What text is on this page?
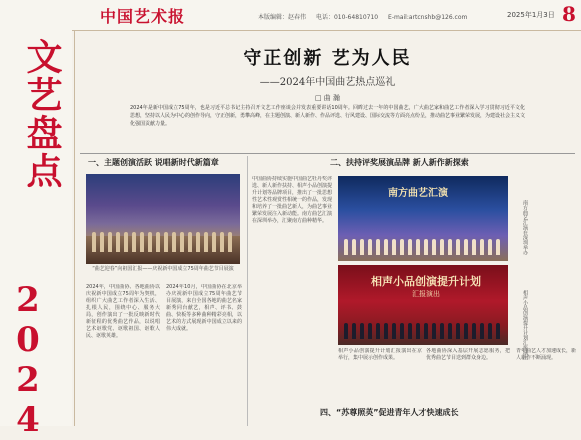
中国艺术报	本版编辑：赵春伟 电话：010-64810710 E-mail:artcnshb@126.com	2025年1月3日 8
文艺盘点
2024
守正创新 艺为人民
——2024年中国曲艺热点巡礼
□ 曲 瀚
2024年是新中国成立75周年，也是习近平总书记主持召开文艺工作座谈会并发表重要讲话10周年。回眸过去一年的中国曲艺，广大曲艺家和曲艺工作者深入学习贯彻习近平文化思想，坚持以人民为中心的创作导向，守正创新，勇攀高峰，在主题创演、新人新作、作品评选、行风建设、国际交流等方面亮点纷呈，推动曲艺事业繁荣发展，为建设社会主义文化强国贡献力量。
一、主题创演活跃 说唱新时代新篇章	二、扶持评奖展演品牌 新人新作新探索
四、“苏尊照英”促进青年人才快速成长
“曲艺迎春”向祖国汇报——庆祝新中国成立75周年曲艺节目展演
南方曲艺汇演
南方曲艺汇演在深圳举办
相声小品创演提升计划
汇报演出	相声小品创演提升计划汇报演出
2024年，中国曲协、各地曲协以庆祝新中国成立75周年为契机，组织广大曲艺工作者深入生活、扎根人民，围绕中心、服务大局，创作演出了一批反映新时代新征程的优秀曲艺作品，以说唱艺术讴歌党、讴歌祖国、讴歌人民、讴歌英雄。
2024年10月，中国曲协在北京举办庆祝新中国成立75周年曲艺节目展演，来自全国各地的曲艺名家新秀同台献艺，相声、评书、鼓曲、快板等多种曲种精彩亮相，以艺术的方式展现新中国成立以来的伟大成就。
中国曲协持续实施中国曲艺牡丹奖评选、新人新作扶持、相声小品创演提升计划等品牌项目，推出了一批思想性艺术性观赏性相统一的作品，发现和培养了一批曲艺新人，为曲艺事业繁荣发展注入新动能。南方曲艺汇演在深圳举办，汇聚南方曲种精华。
相声小品创演提升计划汇报演出在京举行，集中展示创作成果。
各地曲协深入基层开展志愿服务，把优秀曲艺节目送到群众身边。
青年曲艺人才加速成长，新人新作不断涌现。
